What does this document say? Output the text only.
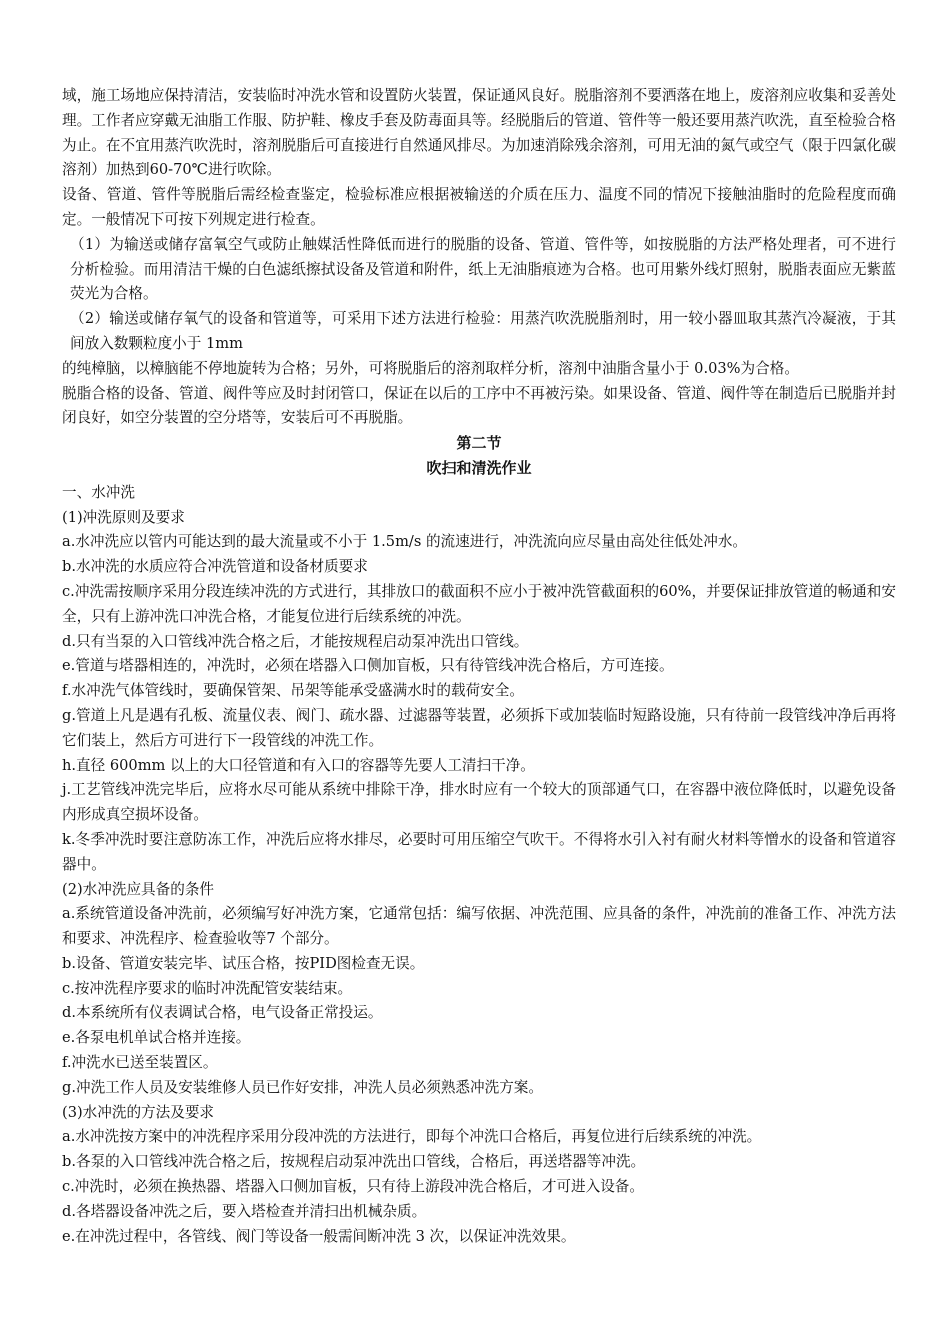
域，施工场地应保持清洁，安装临时冲洗水管和设置防火装置，保证通风良好。脱脂溶剂不要洒落在地上，废溶剂应收集和妥善处理。工作者应穿戴无油脂工作服、防护鞋、橡皮手套及防毒面具等。经脱脂后的管道、管件等一般还要用蒸汽吹洗，直至检验合格为止。在不宜用蒸汽吹洗时，溶剂脱脂后可直接进行自然通风排尽。为加速消除残余溶剂，可用无油的氮气或空气（限于四氯化碳溶剂）加热到60-70℃进行吹除。

设备、管道、管件等脱脂后需经检查鉴定，检验标准应根据被输送的介质在压力、温度不同的情况下接触油脂时的危险程度而确定。一般情况下可按下列规定进行检查。

（1）为输送或储存富氧空气或防止触媒活性降低而进行的脱脂的设备、管道、管件等，如按脱脂的方法严格处理者，可不进行分析检验。而用清洁干燥的白色滤纸擦拭设备及管道和附件，纸上无油脂痕迹为合格。也可用紫外线灯照射，脱脂表面应无紫蓝荧光为合格。

（2）输送或储存氧气的设备和管道等，可采用下述方法进行检验：用蒸汽吹洗脱脂剂时，用一较小器皿取其蒸汽冷凝液，于其间放入数颗粒度小于 1mm

的纯樟脑，以樟脑能不停地旋转为合格；另外，可将脱脂后的溶剂取样分析，溶剂中油脂含量小于 0.03%为合格。

脱脂合格的设备、管道、阀件等应及时封闭管口，保证在以后的工序中不再被污染。如果设备、管道、阀件等在制造后已脱脂并封闭良好，如空分装置的空分塔等，安装后可不再脱脂。

第二节

吹扫和清洗作业

一、水冲洗

(1)冲洗原则及要求

a.水冲洗应以管内可能达到的最大流量或不小于 1.5m/s 的流速进行，冲洗流向应尽量由高处往低处冲水。

b.水冲洗的水质应符合冲洗管道和设备材质要求

c.冲洗需按顺序采用分段连续冲洗的方式进行，其排放口的截面积不应小于被冲洗管截面积的60%，并要保证排放管道的畅通和安全，只有上游冲洗口冲洗合格，才能复位进行后续系统的冲洗。

d.只有当泵的入口管线冲洗合格之后，才能按规程启动泵冲洗出口管线。

e.管道与塔器相连的，冲洗时，必须在塔器入口侧加盲板，只有待管线冲洗合格后，方可连接。

f.水冲洗气体管线时，要确保管架、吊架等能承受盛满水时的载荷安全。

g.管道上凡是遇有孔板、流量仪表、阀门、疏水器、过滤器等装置，必须拆下或加装临时短路设施，只有待前一段管线冲净后再将它们装上，然后方可进行下一段管线的冲洗工作。

h.直径 600mm 以上的大口径管道和有入口的容器等先要人工清扫干净。

j.工艺管线冲洗完毕后，应将水尽可能从系统中排除干净，排水时应有一个较大的顶部通气口，在容器中液位降低时，以避免设备内形成真空损坏设备。

k.冬季冲洗时要注意防冻工作，冲洗后应将水排尽，必要时可用压缩空气吹干。不得将水引入衬有耐火材料等憎水的设备和管道容器中。

(2)水冲洗应具备的条件

a.系统管道设备冲洗前，必须编写好冲洗方案，它通常包括：编写依据、冲洗范围、应具备的条件，冲洗前的准备工作、冲洗方法和要求、冲洗程序、检查验收等7 个部分。

b.设备、管道安装完毕、试压合格，按PID图检查无误。

c.按冲洗程序要求的临时冲洗配管安装结束。

d.本系统所有仪表调试合格，电气设备正常投运。

e.各泵电机单试合格并连接。

f.冲洗水已送至装置区。

g.冲洗工作人员及安装维修人员已作好安排，冲洗人员必须熟悉冲洗方案。

(3)水冲洗的方法及要求

a.水冲洗按方案中的冲洗程序采用分段冲洗的方法进行，即每个冲洗口合格后，再复位进行后续系统的冲洗。

b.各泵的入口管线冲洗合格之后，按规程启动泵冲洗出口管线，合格后，再送塔器等冲洗。

c.冲洗时，必须在换热器、塔器入口侧加盲板，只有待上游段冲洗合格后，才可进入设备。

d.各塔器设备冲洗之后，要入塔检查并清扫出机械杂质。

e.在冲洗过程中，各管线、阀门等设备一般需间断冲洗 3 次，以保证冲洗效果。
